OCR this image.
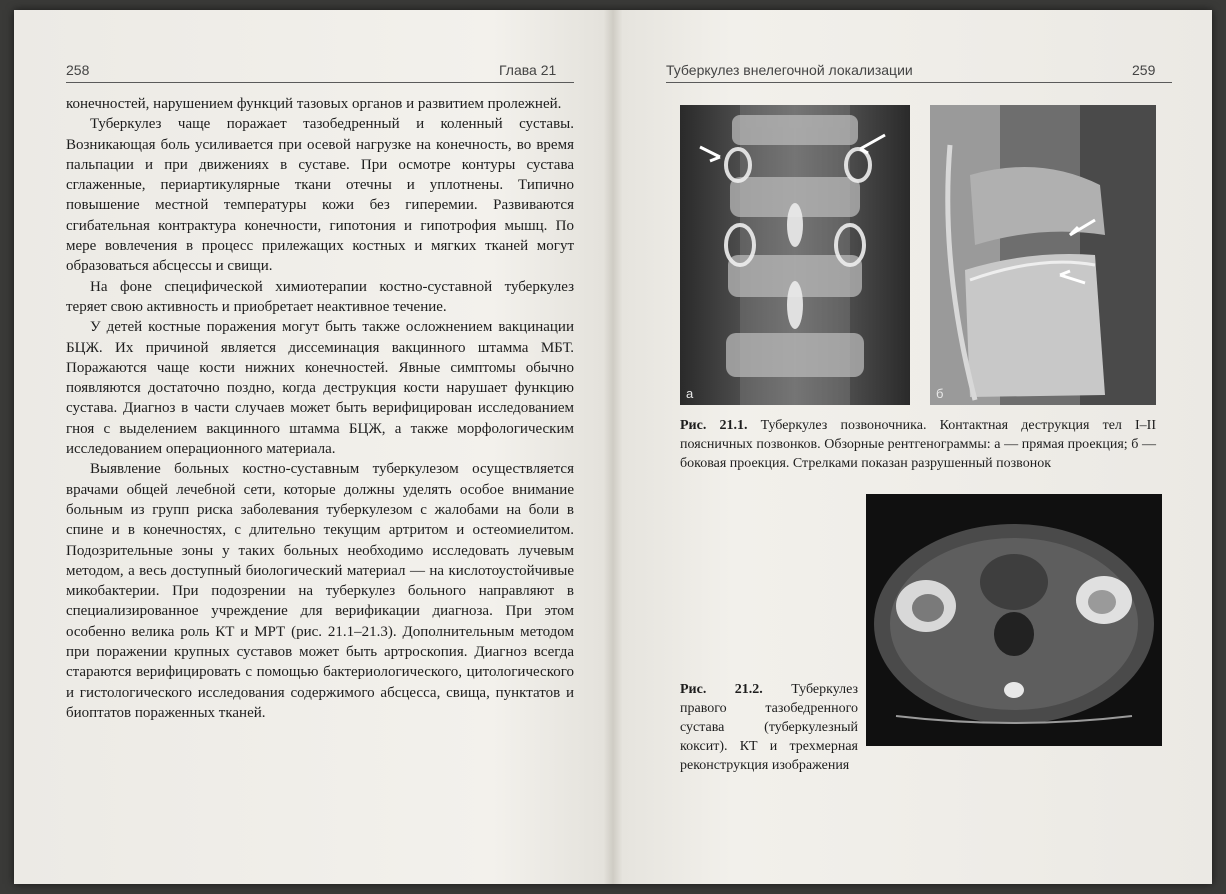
258	Глава 21

конечностей, нарушением функций тазовых органов и развитием пролежней.

Туберкулез чаще поражает тазобедренный и коленный суставы. Возникающая боль усиливается при осевой нагрузке на конечность, во время пальпации и при движениях в суставе. При осмотре контуры сустава сглаженные, периартикулярные ткани отечны и уплотнены. Типично повышение местной температуры кожи без гиперемии. Развиваются сгибательная контрактура конечности, гипотония и гипотрофия мышц. По мере вовлечения в процесс прилежащих костных и мягких тканей могут образоваться абсцессы и свищи.

На фоне специфической химиотерапии костно-суставной туберкулез теряет свою активность и приобретает неактивное течение.

У детей костные поражения могут быть также осложнением вакцинации БЦЖ. Их причиной является диссеминация вакцинного штамма МБТ. Поражаются чаще кости нижних конечностей. Явные симптомы обычно появляются достаточно поздно, когда деструкция кости нарушает функцию сустава. Диагноз в части случаев может быть верифицирован исследованием гноя с выделением вакцинного штамма БЦЖ, а также морфологическим исследованием операционного материала.

Выявление больных костно-суставным туберкулезом осуществляется врачами общей лечебной сети, которые должны уделять особое внимание больным из групп риска заболевания туберкулезом с жалобами на боли в спине и в конечностях, с длительно текущим артритом и остеомиелитом. Подозрительные зоны у таких больных необходимо исследовать лучевым методом, а весь доступный биологический материал — на кислотоустойчивые микобактерии. При подозрении на туберкулез больного направляют в специализированное учреждение для верификации диагноза. При этом особенно велика роль КТ и МРТ (рис. 21.1–21.3). Дополнительным методом при поражении крупных суставов может быть артроскопия. Диагноз всегда стараются верифицировать с помощью бактериологического, цитологического и гистологического исследования содержимого абсцесса, свища, пунктатов и биоптатов пораженных тканей.

Туберкулез внелегочной локализации	259
а	б
Рис. 21.1. Туберкулез позвоночника. Контактная деструкция тел I–II поясничных позвонков. Обзорные рентгенограммы: а — прямая проекция; б — боковая проекция. Стрелками показан разрушенный позвонок
Рис. 21.2. Туберкулез правого тазобедренного сустава (туберкулезный коксит). КТ и трехмерная реконструкция изображения
